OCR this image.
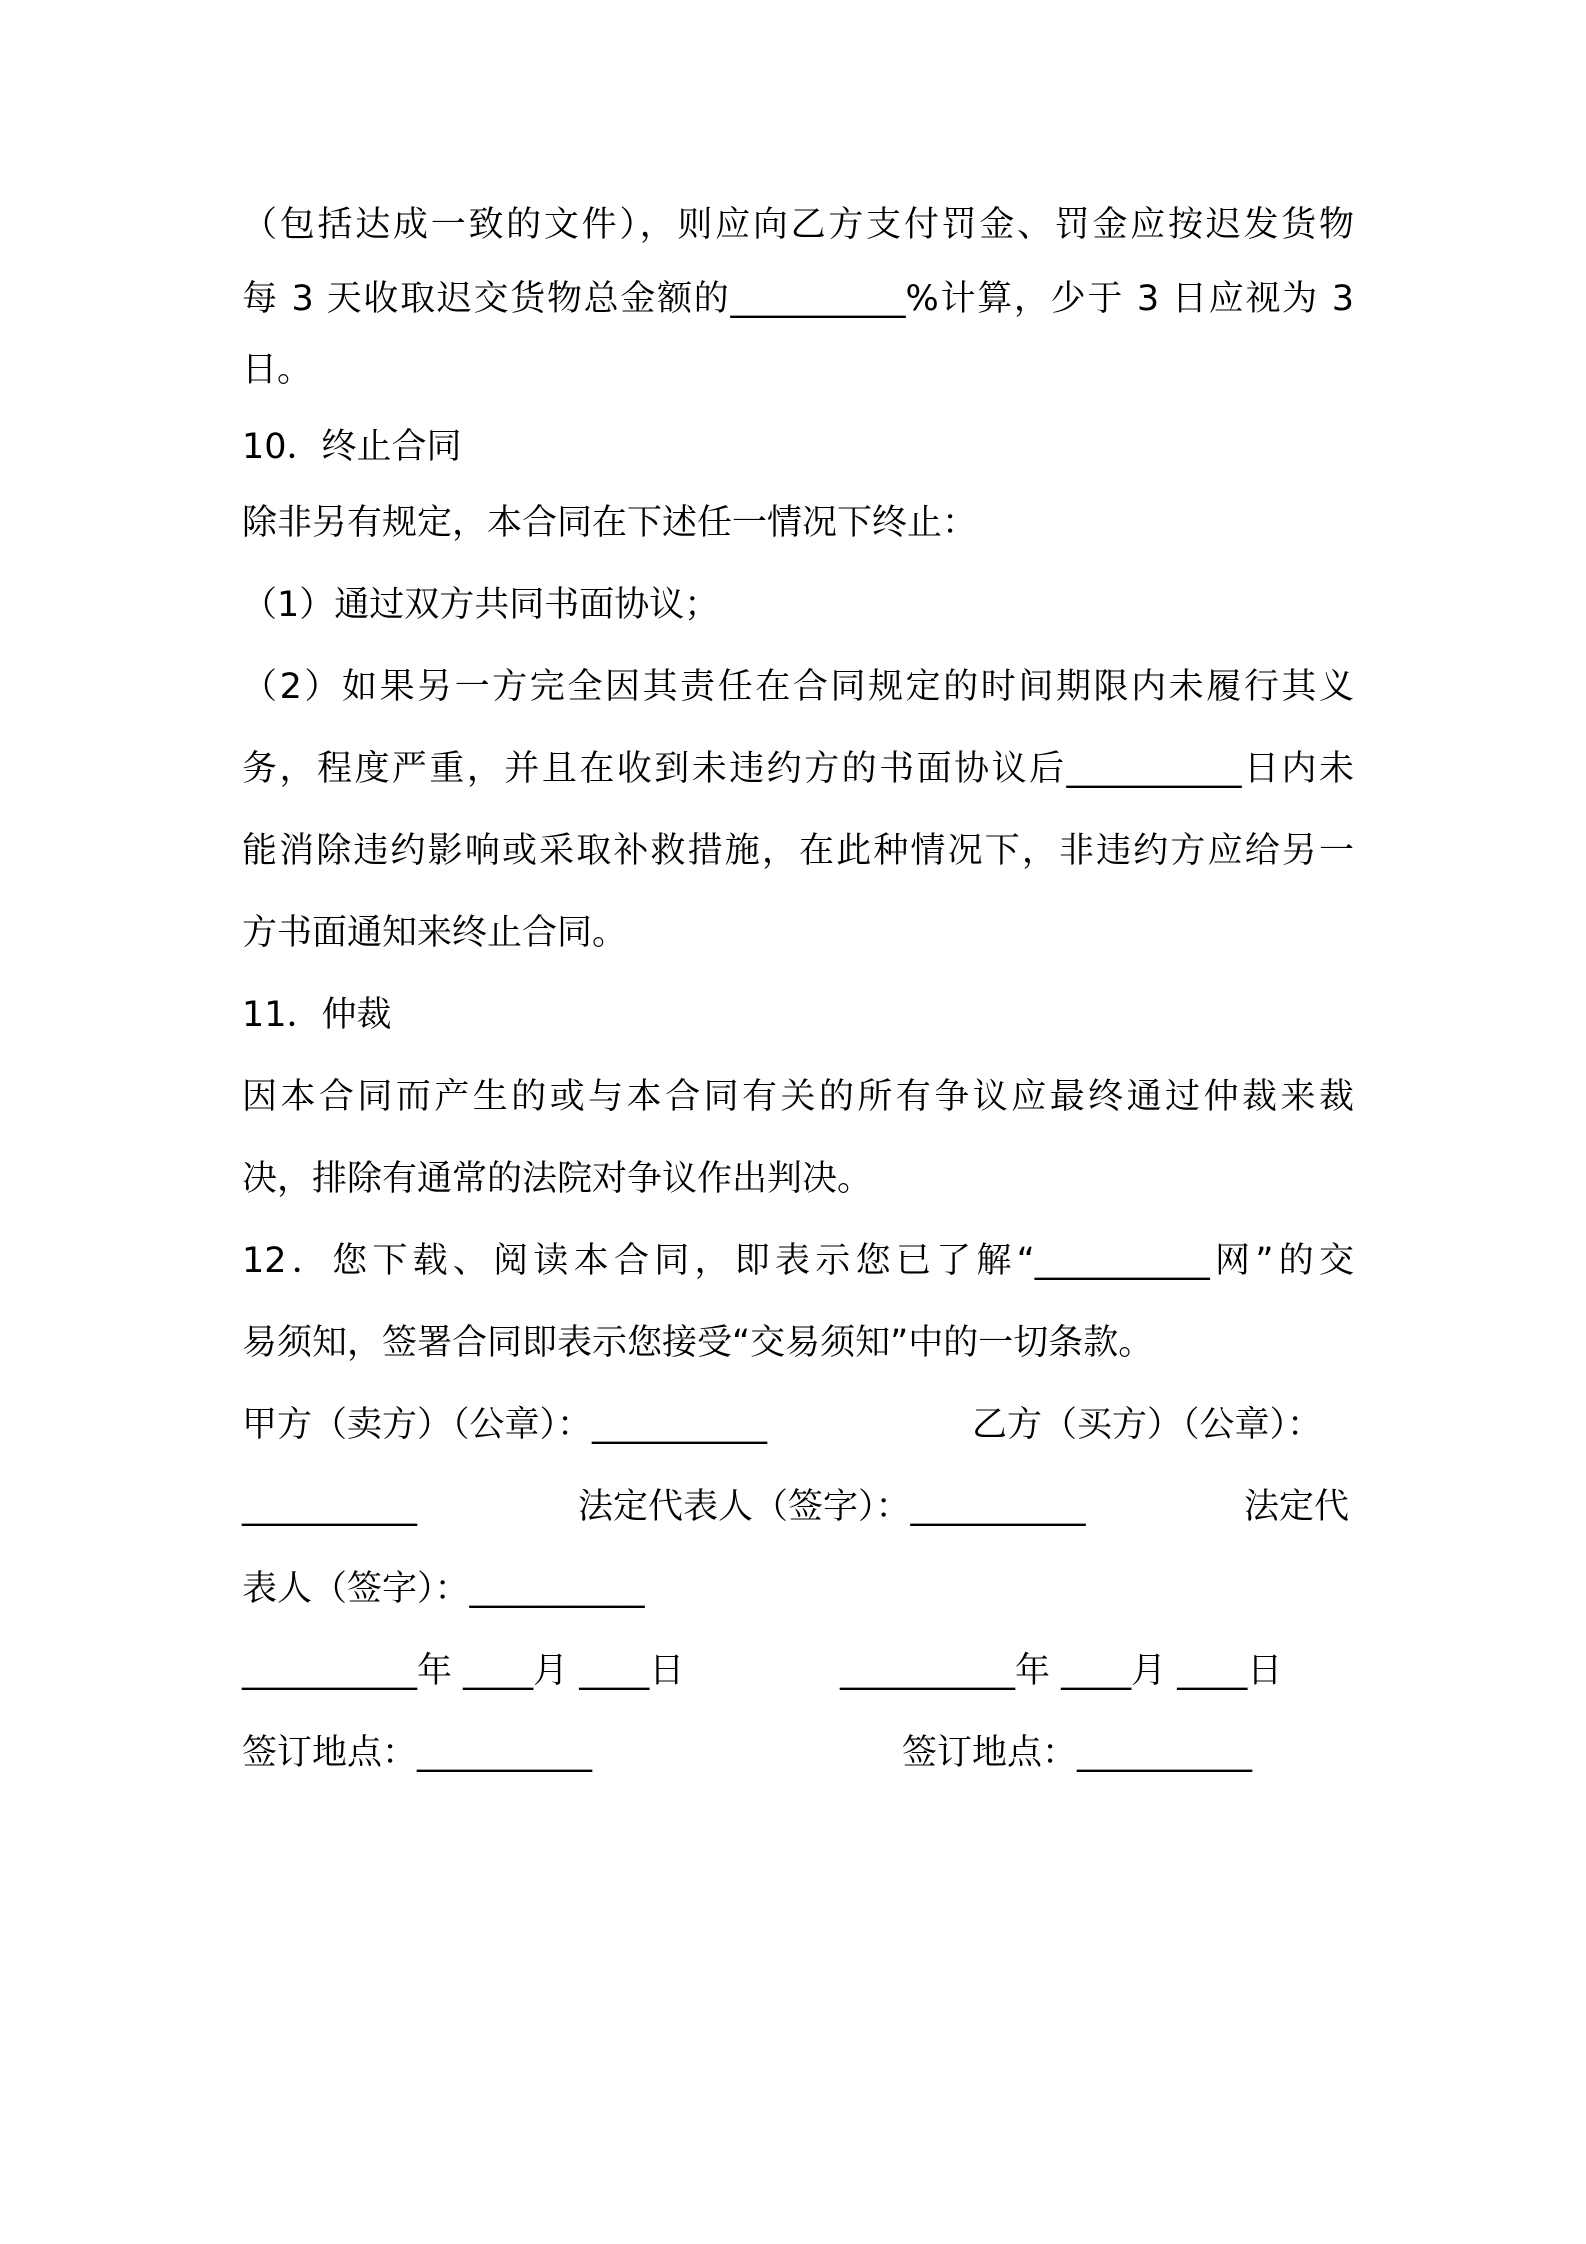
（包括达成一致的文件），则应向乙方支付罚金、罚金应按迟发货物
每 3 天收取迟交货物总金额的__________%计算，少于 3 日应视为 3
日。
10．终止合同
除非另有规定，本合同在下述任一情况下终止：
（1）通过双方共同书面协议；
（2）如果另一方完全因其责任在合同规定的时间期限内未履行其义
务，程度严重，并且在收到未违约方的书面协议后__________日内未
能消除违约影响或采取补救措施，在此种情况下，非违约方应给另一
方书面通知来终止合同。
11．仲裁
因本合同而产生的或与本合同有关的所有争议应最终通过仲裁来裁
决，排除有通常的法院对争议作出判决。
12．您下载、阅读本合同，即表示您已了解“__________网”的交
易须知，签署合同即表示您接受“交易须知”中的一切条款。
甲方（卖方）（公章）：__________	乙方（买方）（公章）：
__________	法定代表人（签字）：__________	法定代
表人（签字）：__________
__________年 ____月 ____日	__________年 ____月 ____日
签订地点：__________	签订地点：__________
